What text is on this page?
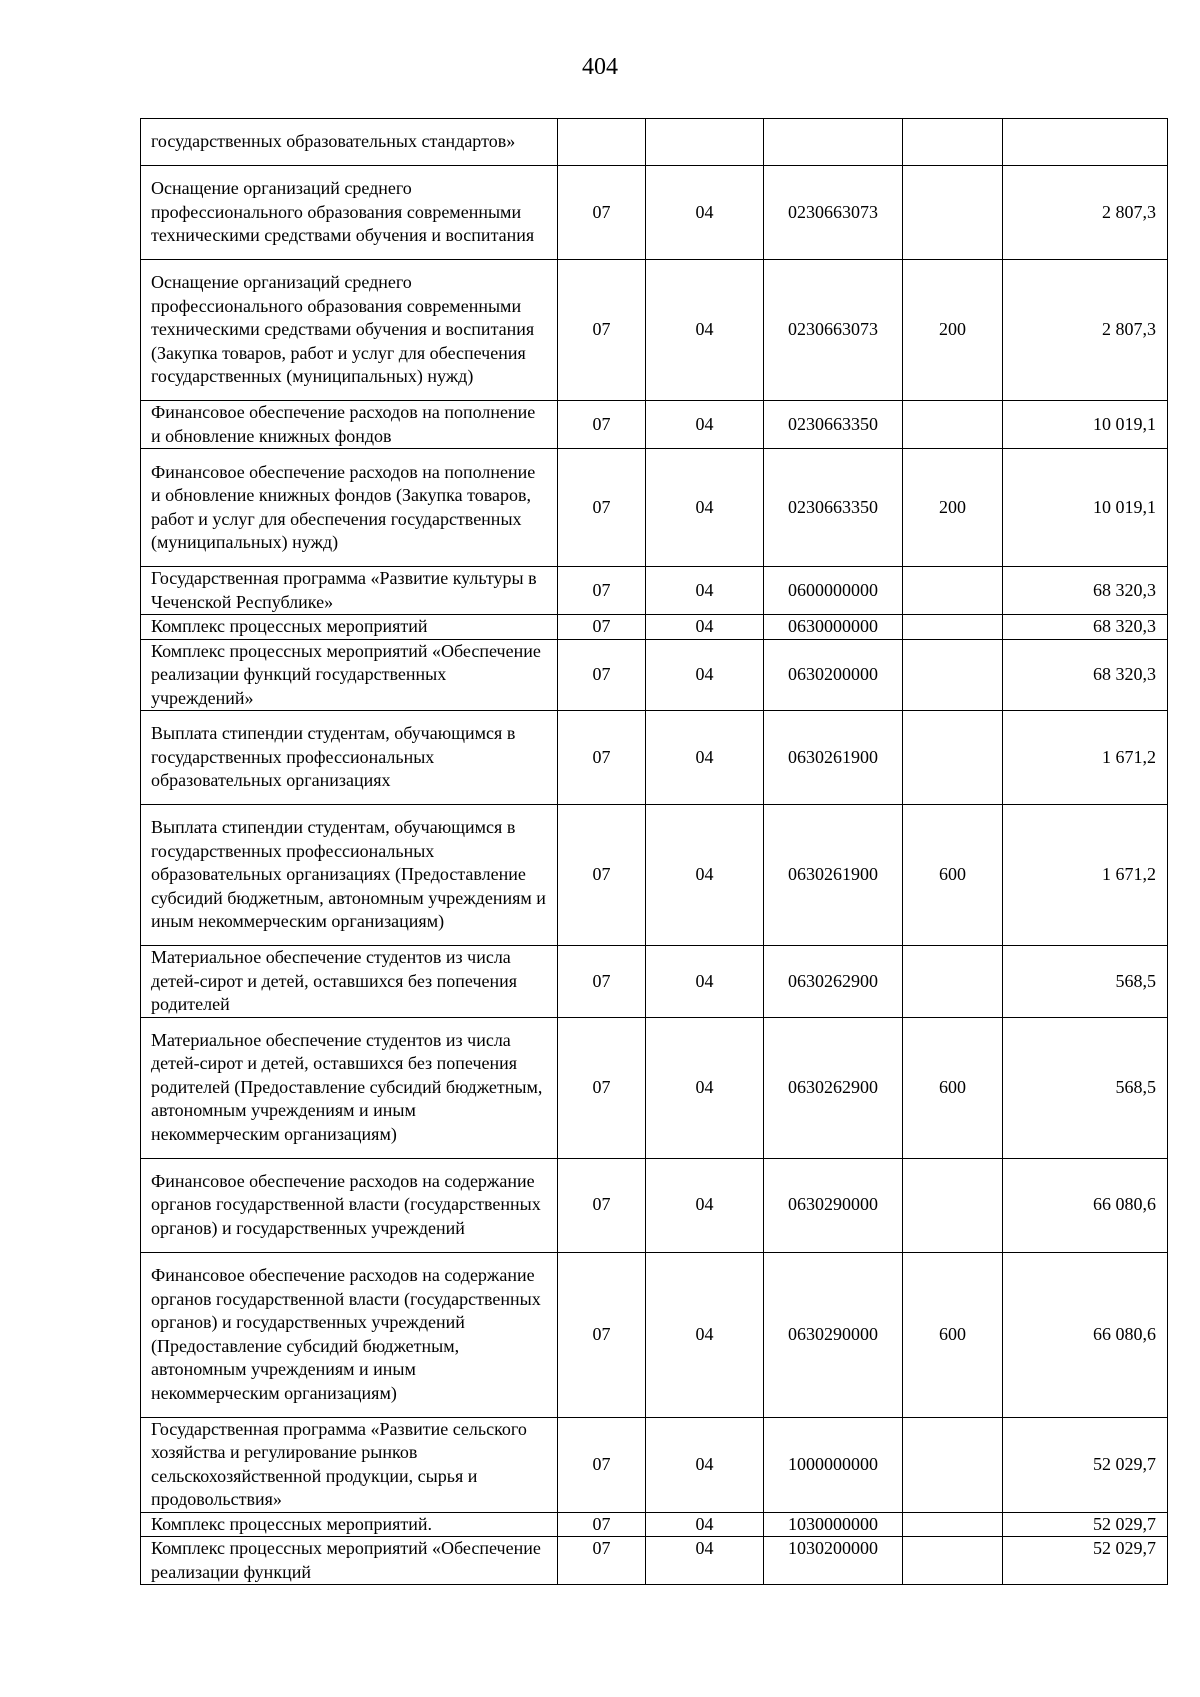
404
государственных образовательных стандартов»					
Оснащение организаций среднего профессионального образования современными техническими средствами обучения и воспитания	07	04	0230663073		2 807,3
Оснащение организаций среднего профессионального образования современными техническими средствами обучения и воспитания (Закупка товаров, работ и услуг для обеспечения государственных (муниципальных) нужд)	07	04	0230663073	200	2 807,3
Финансовое обеспечение расходов на пополнение и обновление книжных фондов	07	04	0230663350		10 019,1
Финансовое обеспечение расходов на пополнение и обновление книжных фондов (Закупка товаров, работ и услуг для обеспечения государственных (муниципальных) нужд)	07	04	0230663350	200	10 019,1
Государственная программа «Развитие культуры в Чеченской Республике»	07	04	0600000000		68 320,3
Комплекс процессных мероприятий	07	04	0630000000		68 320,3
Комплекс процессных мероприятий «Обеспечение реализации функций государственных учреждений»	07	04	0630200000		68 320,3
Выплата стипендии студентам, обучающимся в государственных профессиональных образовательных организациях	07	04	0630261900		1 671,2
Выплата стипендии студентам, обучающимся в государственных профессиональных образовательных организациях (Предоставление субсидий бюджетным, автономным учреждениям и иным некоммерческим организациям)	07	04	0630261900	600	1 671,2
Материальное обеспечение студентов из числа детей-сирот и детей, оставшихся без попечения родителей	07	04	0630262900		568,5
Материальное обеспечение студентов из числа детей-сирот и детей, оставшихся без попечения родителей (Предоставление субсидий бюджетным, автономным учреждениям и иным некоммерческим организациям)	07	04	0630262900	600	568,5
Финансовое обеспечение расходов на содержание органов государственной власти (государственных органов) и государственных учреждений	07	04	0630290000		66 080,6
Финансовое обеспечение расходов на содержание органов государственной власти (государственных органов) и государственных учреждений (Предоставление субсидий бюджетным, автономным учреждениям и иным некоммерческим организациям)	07	04	0630290000	600	66 080,6
Государственная программа «Развитие сельского хозяйства и регулирование рынков сельскохозяйственной продукции, сырья и продовольствия»	07	04	1000000000		52 029,7
Комплекс процессных мероприятий.	07	04	1030000000		52 029,7
Комплекс процессных мероприятий «Обеспечение реализации функций	07	04	1030200000		52 029,7
